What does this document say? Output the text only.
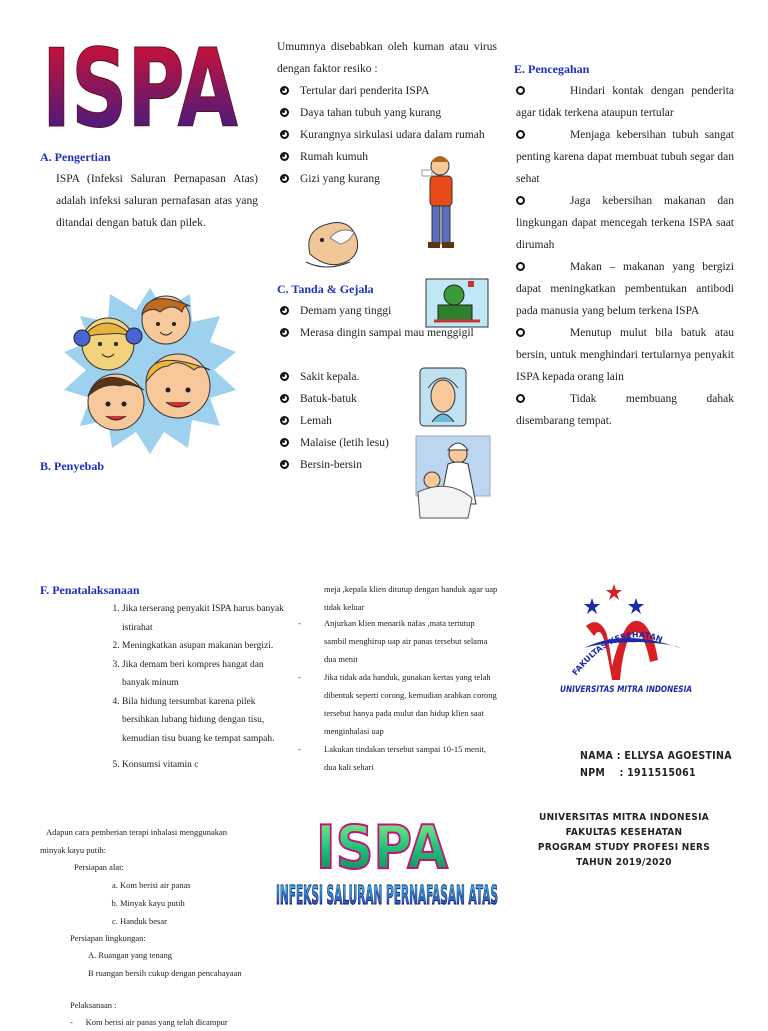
ISPA
A. Pengertian
ISPA (Infeksi Saluran Pernapasan Atas) adalah infeksi saluran pernafasan atas yang ditandai dengan batuk dan pilek.
B. Penyebab
Umumnya disebabkan oleh kuman atau virus dengan faktor resiko :
Tertular dari penderita ISPA
Daya tahan tubuh yang kurang
Kurangnya sirkulasi udara dalam rumah
Rumah kumuh
Gizi yang kurang
C. Tanda & Gejala
Demam yang tinggi
Merasa dingin sampai mau menggigil
Sakit kepala.
Batuk-batuk
Lemah
Malaise (letih lesu)
Bersin-bersin
E. Pencegahan
Hindari kontak dengan penderita agar tidak terkena ataupun tertular
Menjaga kebersihan tubuh sangat penting karena dapat membuat tubuh segar dan sehat
Jaga kebersihan makanan dan lingkungan dapat mencegah terkena ISPA saat dirumah
Makan – makanan yang bergizi dapat meningkatkan pembentukan antibodi pada manusia yang belum terkena ISPA
Menutup mulut bila batuk atau bersin, untuk menghindari tertularnya penyakit ISPA kepada orang lain
Tidak membuang dahak disembarang tempat.
F. Penatalaksanaan
1. Jika terserang penyakit ISPA harus banyak istirahat
2. Meningkatkan asupan makanan bergizi.
3. Jika demam beri kompres hangat dan banyak minum
4. Bila hidung tersumbat karena pilek bersihkan lubang hidung dengan tisu, kemudian tisu buang ke tempat sampah.
5. Konsumsi vitamin c
Adapun cara pemberian terapi inhalasi menggunakan minyak kayu putih:
Persiapan alat:
a. Kom berisi air panas
b. Minyak kayu putih
c. Handuk besar
Persiapan lingkungan:
A. Ruangan yang tenang
B ruangan bersih cukup dengan pencahayaan
Pelaksanaan :
-      Kom berisi air panas yang telah dicampur
meja ,kepala klien ditutup dengan handuk agar uap tidak keluar
- Anjurkan klien menarik nafas ,mata tertutup sambil menghirup uap air panas tersebut selama dua menit
- Jika tidak ada handuk, gunakan kertas yang telah dibentuk seperti corong, kemudian arahkan corong tersebut hanya pada mulut dan hidup klien saat menginhalasi uap
- Lakukan tindakan tersebut sampai 10-15 menit, dua kali sehari
ISPA
INFEKSI SALURAN PERNAFASAN ATAS
FAKULTAS KESEHATAN
UNIVERSITAS MITRA INDONESIA
NAMA : ELLYSA AGOESTINA
NPM    : 1911515061
UNIVERSITAS MITRA INDONESIA
FAKULTAS KESEHATAN
PROGRAM STUDY PROFESI NERS
TAHUN 2019/2020
